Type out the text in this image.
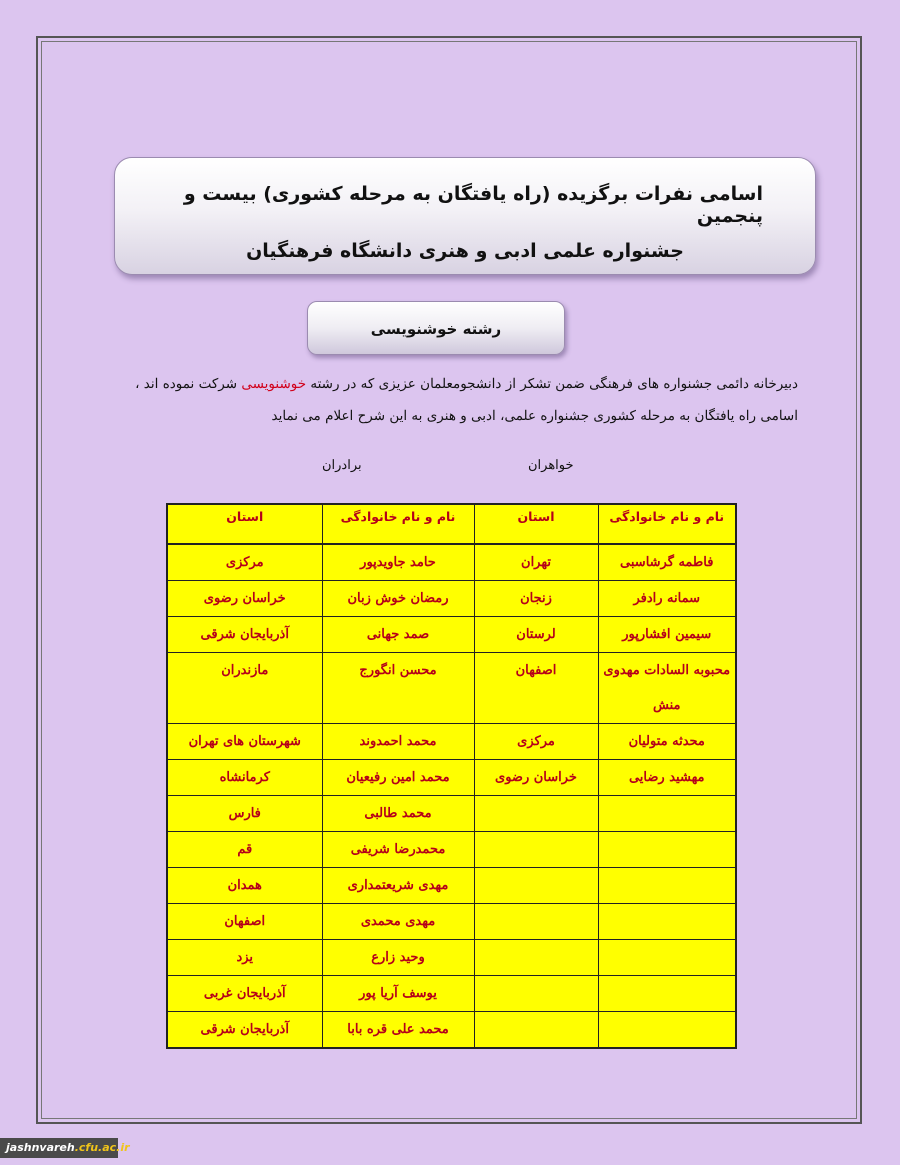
اسامی نفرات برگزیده (راه یافتگان به مرحله کشوری) بیست و پنجمین
جشنواره علمی ادبی و هنری دانشگاه فرهنگیان
رشته خوشنویسی
دبیرخانه دائمی جشنواره های فرهنگی ضمن تشکر از دانشجومعلمان عزیزی که در رشته خوشنویسی شرکت نموده اند ،
اسامی راه یافتگان به مرحله کشوری جشنواره علمی، ادبی و هنری به این شرح اعلام می نماید
خواهران
برادران
نام و نام خانوادگی	استان	نام و نام خانوادگی	استان
فاطمه گرشاسبی	تهران	حامد جاویدپور	مرکزی
سمانه رادفر	زنجان	رمضان خوش زبان	خراسان رضوی
سیمین افشارپور	لرستان	صمد جهانی	آذربایجان شرقی
محبوبه السادات مهدوی منش	اصفهان	محسن انگورج	مازندران
محدثه متولیان	مرکزی	محمد احمدوند	شهرستان های تهران
مهشید رضایی	خراسان رضوی	محمد امین رفیعیان	کرمانشاه
		محمد طالبی	فارس
		محمدرضا شریفی	قم
		مهدی شریعتمداری	همدان
		مهدی محمدی	اصفهان
		وحید زارع	یزد
		یوسف آریا پور	آذربایجان غربی
		محمد علی قره بابا	آذربایجان شرقی
jashnvareh.cfu.ac.ir
